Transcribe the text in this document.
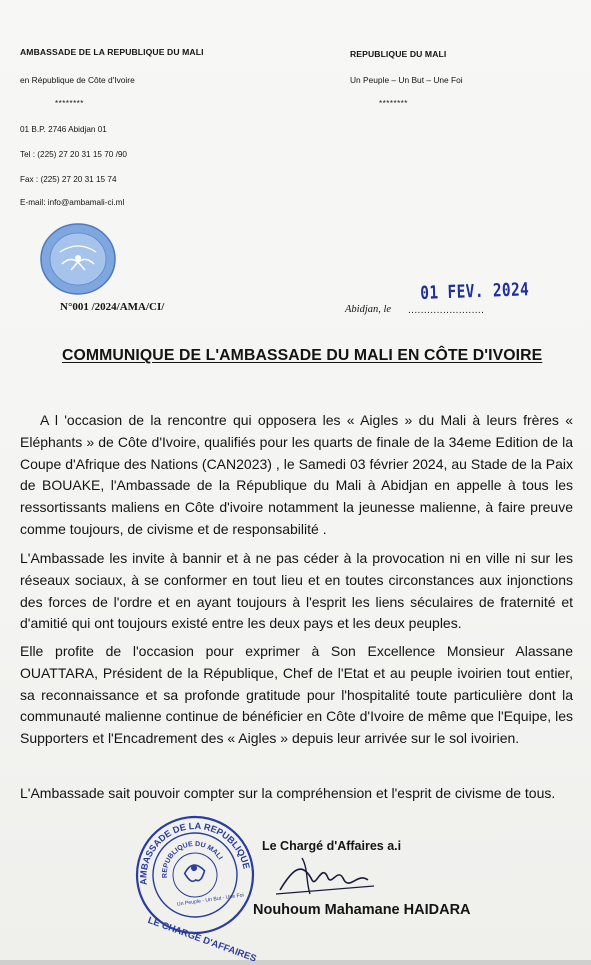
AMBASSADE DE LA REPUBLIQUE DU MALI
en République de Côte d'Ivoire
********
REPUBLIQUE DU MALI
Un Peuple – Un But – Une Foi
********
01 B.P. 2746 Abidjan 01
Tel : (225) 27 20 31 15 70 /90
Fax : (225) 27 20 31 15 74
E-mail: info@ambamali-ci.ml
N°001 /2024/AMA/CI/	Abidjan, le ........................
01 FEV. 2024
COMMUNIQUE DE L'AMBASSADE DU MALI EN CÔTE D'IVOIRE
A l 'occasion de la rencontre qui opposera les « Aigles » du Mali à leurs frères « Eléphants » de Côte d'Ivoire, qualifiés pour les quarts de finale de la 34eme Edition de la Coupe d'Afrique des Nations (CAN2023) , le Samedi 03 février 2024, au Stade de la Paix de BOUAKE, l'Ambassade de la République du Mali à Abidjan en appelle à tous les ressortissants maliens en Côte d'ivoire notamment la jeunesse malienne, à faire preuve comme toujours, de civisme et de responsabilité .
L'Ambassade les invite à bannir et à ne pas céder à la provocation ni en ville ni sur les réseaux sociaux, à se conformer en tout lieu et en toutes circonstances aux injonctions des forces de l'ordre et en ayant toujours à l'esprit les liens séculaires de fraternité et d'amitié qui ont toujours existé entre les deux pays et les deux peuples.
Elle profite de l'occasion pour exprimer à Son Excellence Monsieur Alassane OUATTARA, Président de la République, Chef de l'Etat et au peuple ivoirien tout entier, sa reconnaissance et sa profonde gratitude pour l'hospitalité toute particulière dont la communauté malienne continue de bénéficier en Côte d'Ivoire de même que l'Equipe, les Supporters et l'Encadrement des « Aigles » depuis leur arrivée sur le sol ivoirien.
L'Ambassade sait pouvoir compter sur la compréhension et l'esprit de civisme de tous.
Le Chargé d'Affaires a.i
Nouhoum Mahamane HAIDARA
AMBASSADE DE LA REPUBLIQUE
REPUBLIQUE DU MALI
Un Peuple - Un But - Une Foi
LE CHARGÉ D'AFFAIRES
